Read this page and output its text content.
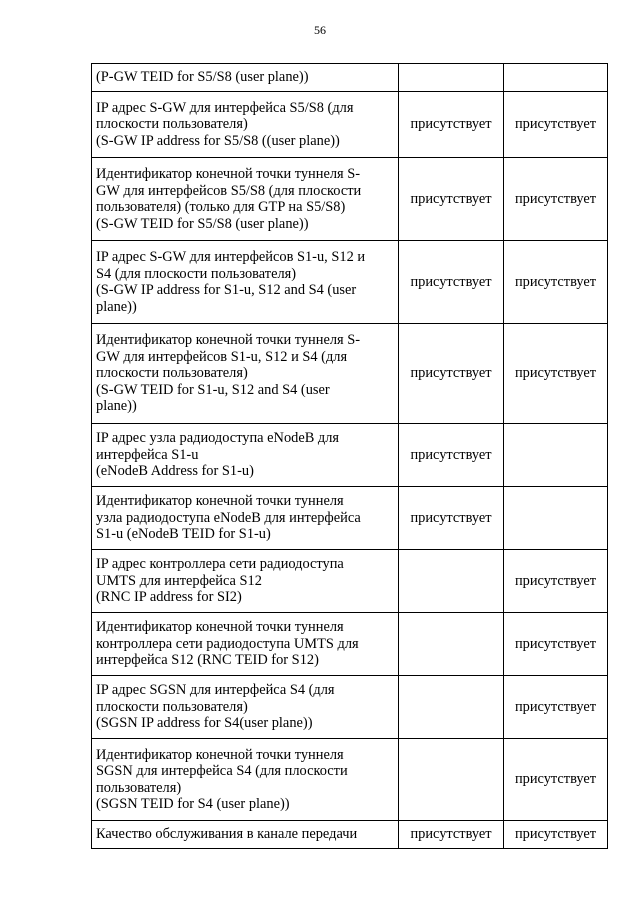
56
(P-GW TEID for S5/S8 (user plane))		

IP адрес S-GW для интерфейса S5/S8 (для
плоскости пользователя)
(S-GW IP address for S5/S8 ((user plane))	присутствует	присутствует

Идентификатор конечной точки туннеля S-
GW для интерфейсов S5/S8 (для плоскости
пользователя) (только для GTP на S5/S8)
(S-GW TEID for S5/S8 (user plane))	присутствует	присутствует

IP адрес S-GW для интерфейсов S1-u, S12 и
S4 (для плоскости пользователя)
(S-GW IP address for S1-u, S12 and S4 (user
plane))	присутствует	присутствует

Идентификатор конечной точки туннеля S-
GW для интерфейсов S1-u, S12 и S4 (для
плоскости пользователя)
(S-GW TEID for S1-u, S12 and S4 (user
plane))	присутствует	присутствует

IP адрес узла радиодоступа eNodeB для
интерфейса S1-u
(eNodeB Address for S1-u)	присутствует	

Идентификатор конечной точки туннеля
узла радиодоступа eNodeB для интерфейса
S1-u (eNodeB TEID for S1-u)	присутствует	

IP адрес контроллера сети радиодоступа
UMTS для интерфейса S12
(RNC IP address for SI2)		присутствует

Идентификатор конечной точки туннеля
контроллера сети радиодоступа UMTS для
интерфейса S12 (RNC TEID for S12)		присутствует

IP адрес SGSN для интерфейса S4 (для
плоскости пользователя)
(SGSN IP address for S4(user plane))		присутствует

Идентификатор конечной точки туннеля
SGSN для интерфейса S4 (для плоскости
пользователя)
(SGSN TEID for S4 (user plane))		присутствует

Качество обслуживания в канале передачи	присутствует	присутствует
